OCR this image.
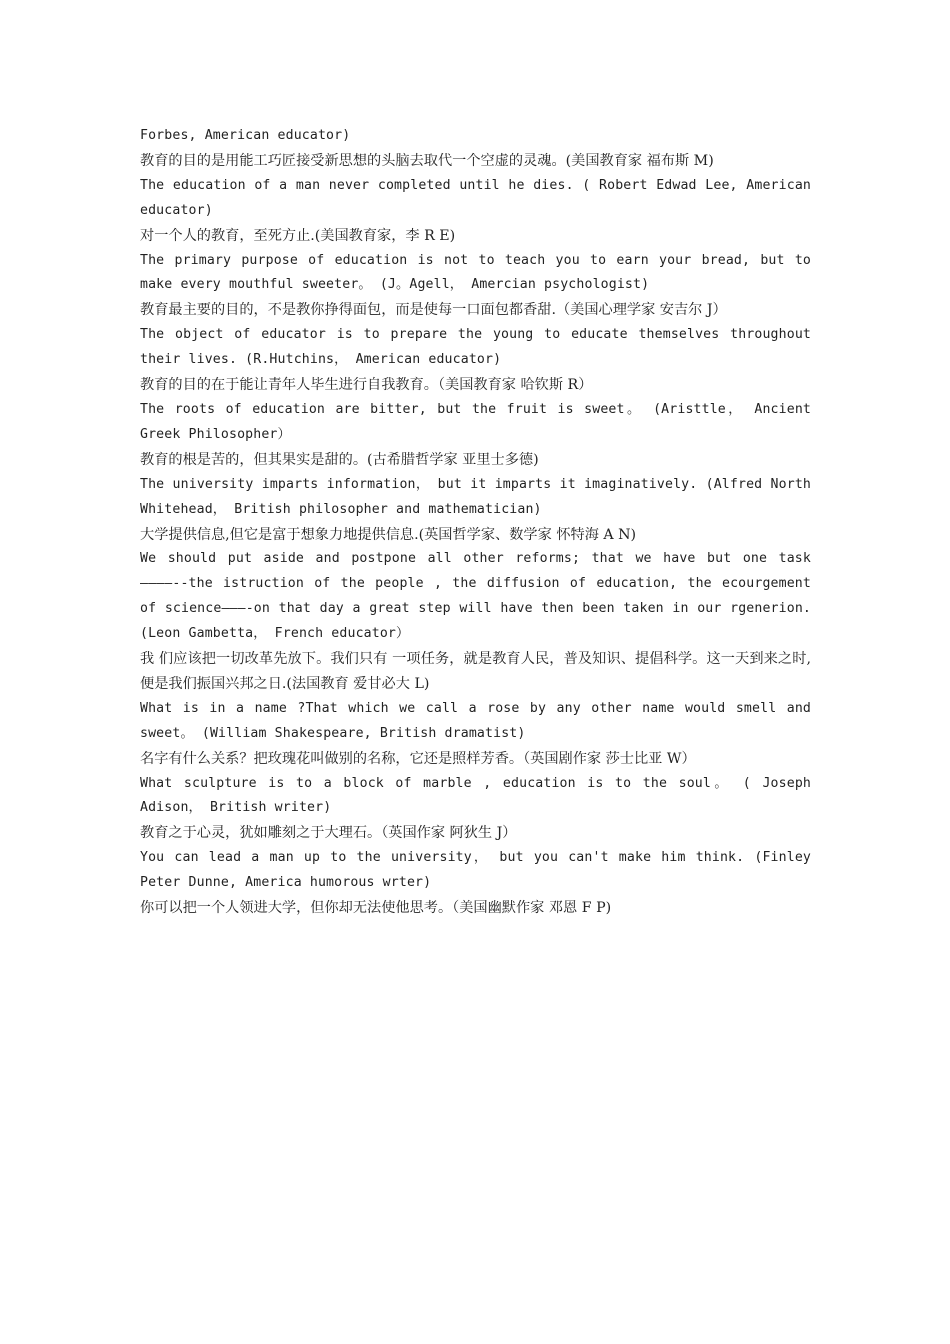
Forbes, American educator)

教育的目的是用能工巧匠接受新思想的头脑去取代一个空虚的灵魂。(美国教育家 福布斯 M)

The education of a man never completed until he dies. ( Robert Edwad Lee, American educator)

对一个人的教育，至死方止.(美国教育家，李 R E)

The primary purpose of education is not to teach you to earn your bread, but to make every mouthful sweeter。 (J。Agell， Amercian psychologist)

教育最主要的目的，不是教你挣得面包，而是使每一口面包都香甜.（美国心理学家 安吉尔 J）

The object of educator is to prepare the young to educate themselves throughout their lives. (R.Hutchins， American educator)

教育的目的在于能让青年人毕生进行自我教育。（美国教育家 哈钦斯 R）

The roots of education are bitter, but the fruit is sweet。 (Aristtle， Ancient Greek Philosopher）

教育的根是苦的，但其果实是甜的。(古希腊哲学家 亚里士多德)

The university imparts information， but it imparts it imaginatively. (Alfred North Whitehead， British philosopher and mathematician)

大学提供信息,但它是富于想象力地提供信息.(英国哲学家、数学家 怀特海 A N)

We should put aside and postpone all other reforms; that we have but one task ————--the istruction of the people , the diffusion of education, the ecourgement of science———-on that day a great step will have then been taken in our rgenerion. (Leon Gambetta， French educator）

我 们应该把一切改革先放下。我们只有 一项任务，就是教育人民，普及知识、提倡科学。这一天到来之时,便是我们振国兴邦之日.(法国教育 爱甘必大 L)

What is in a name ?That which we call a rose by any other name would smell and sweet。 (William Shakespeare, British dramatist)

名字有什么关系？把玫瑰花叫做别的名称，它还是照样芳香。（英国剧作家 莎士比亚 W）

What sculpture is to a block of marble , education is to the soul。 ( Joseph Adison， British writer)

教育之于心灵，犹如雕刻之于大理石。（英国作家 阿狄生 J）

You can lead a man up to the university， but you can't make him think. (Finley Peter Dunne, America humorous wrter)

你可以把一个人领进大学，但你却无法使他思考。（美国幽默作家 邓恩 F P)
